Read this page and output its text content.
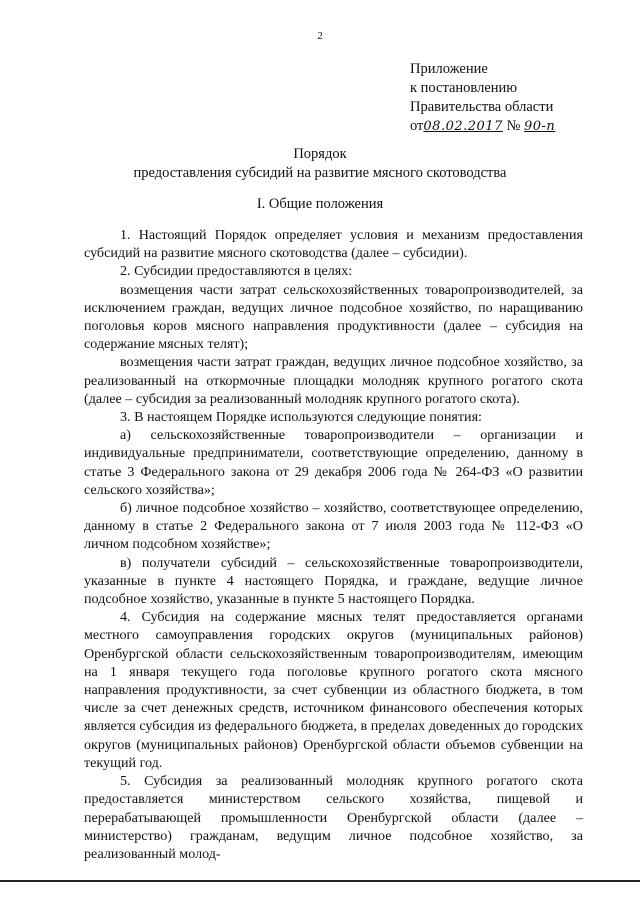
2
Приложение
к постановлению
Правительства области
от08.02.2017 № 90-п
Порядок
предоставления субсидий на развитие мясного скотоводства
I. Общие положения

1. Настоящий Порядок определяет условия и механизм предоставления субсидий на развитие мясного скотоводства (далее – субсидии).

2. Субсидии предоставляются в целях:

возмещения части затрат сельскохозяйственных товаропроизводителей, за исключением граждан, ведущих личное подсобное хозяйство, по наращиванию поголовья коров мясного направления продуктивности (далее – субсидия на содержание мясных телят);

возмещения части затрат граждан, ведущих личное подсобное хозяйство, за реализованный на откормочные площадки молодняк крупного рогатого скота (далее – субсидия за реализованный молодняк крупного рогатого скота).

3. В настоящем Порядке используются следующие понятия:

а) сельскохозяйственные товаропроизводители – организации и индивидуальные предприниматели, соответствующие определению, данному в статье 3 Федерального закона от 29 декабря 2006 года № 264-ФЗ «О развитии сельского хозяйства»;

б) личное подсобное хозяйство – хозяйство, соответствующее определению, данному в статье 2 Федерального закона от 7 июля 2003 года № 112-ФЗ «О личном подсобном хозяйстве»;

в) получатели субсидий – сельскохозяйственные товаропроизводители, указанные в пункте 4 настоящего Порядка, и граждане, ведущие личное подсобное хозяйство, указанные в пункте 5 настоящего Порядка.

4. Субсидия на содержание мясных телят предоставляется органами местного самоуправления городских округов (муниципальных районов) Оренбургской области сельскохозяйственным товаропроизводителям, имеющим на 1 января текущего года поголовье крупного рогатого скота мясного направления продуктивности, за счет субвенции из областного бюджета, в том числе за счет денежных средств, источником финансового обеспечения которых является субсидия из федерального бюджета, в пределах доведенных до городских округов (муниципальных районов) Оренбургской области объемов субвенции на текущий год.

5. Субсидия за реализованный молодняк крупного рогатого скота предоставляется министерством сельского хозяйства, пищевой и перерабатывающей промышленности Оренбургской области (далее – министерство) гражданам, ведущим личное подсобное хозяйство, за реализованный молод-
